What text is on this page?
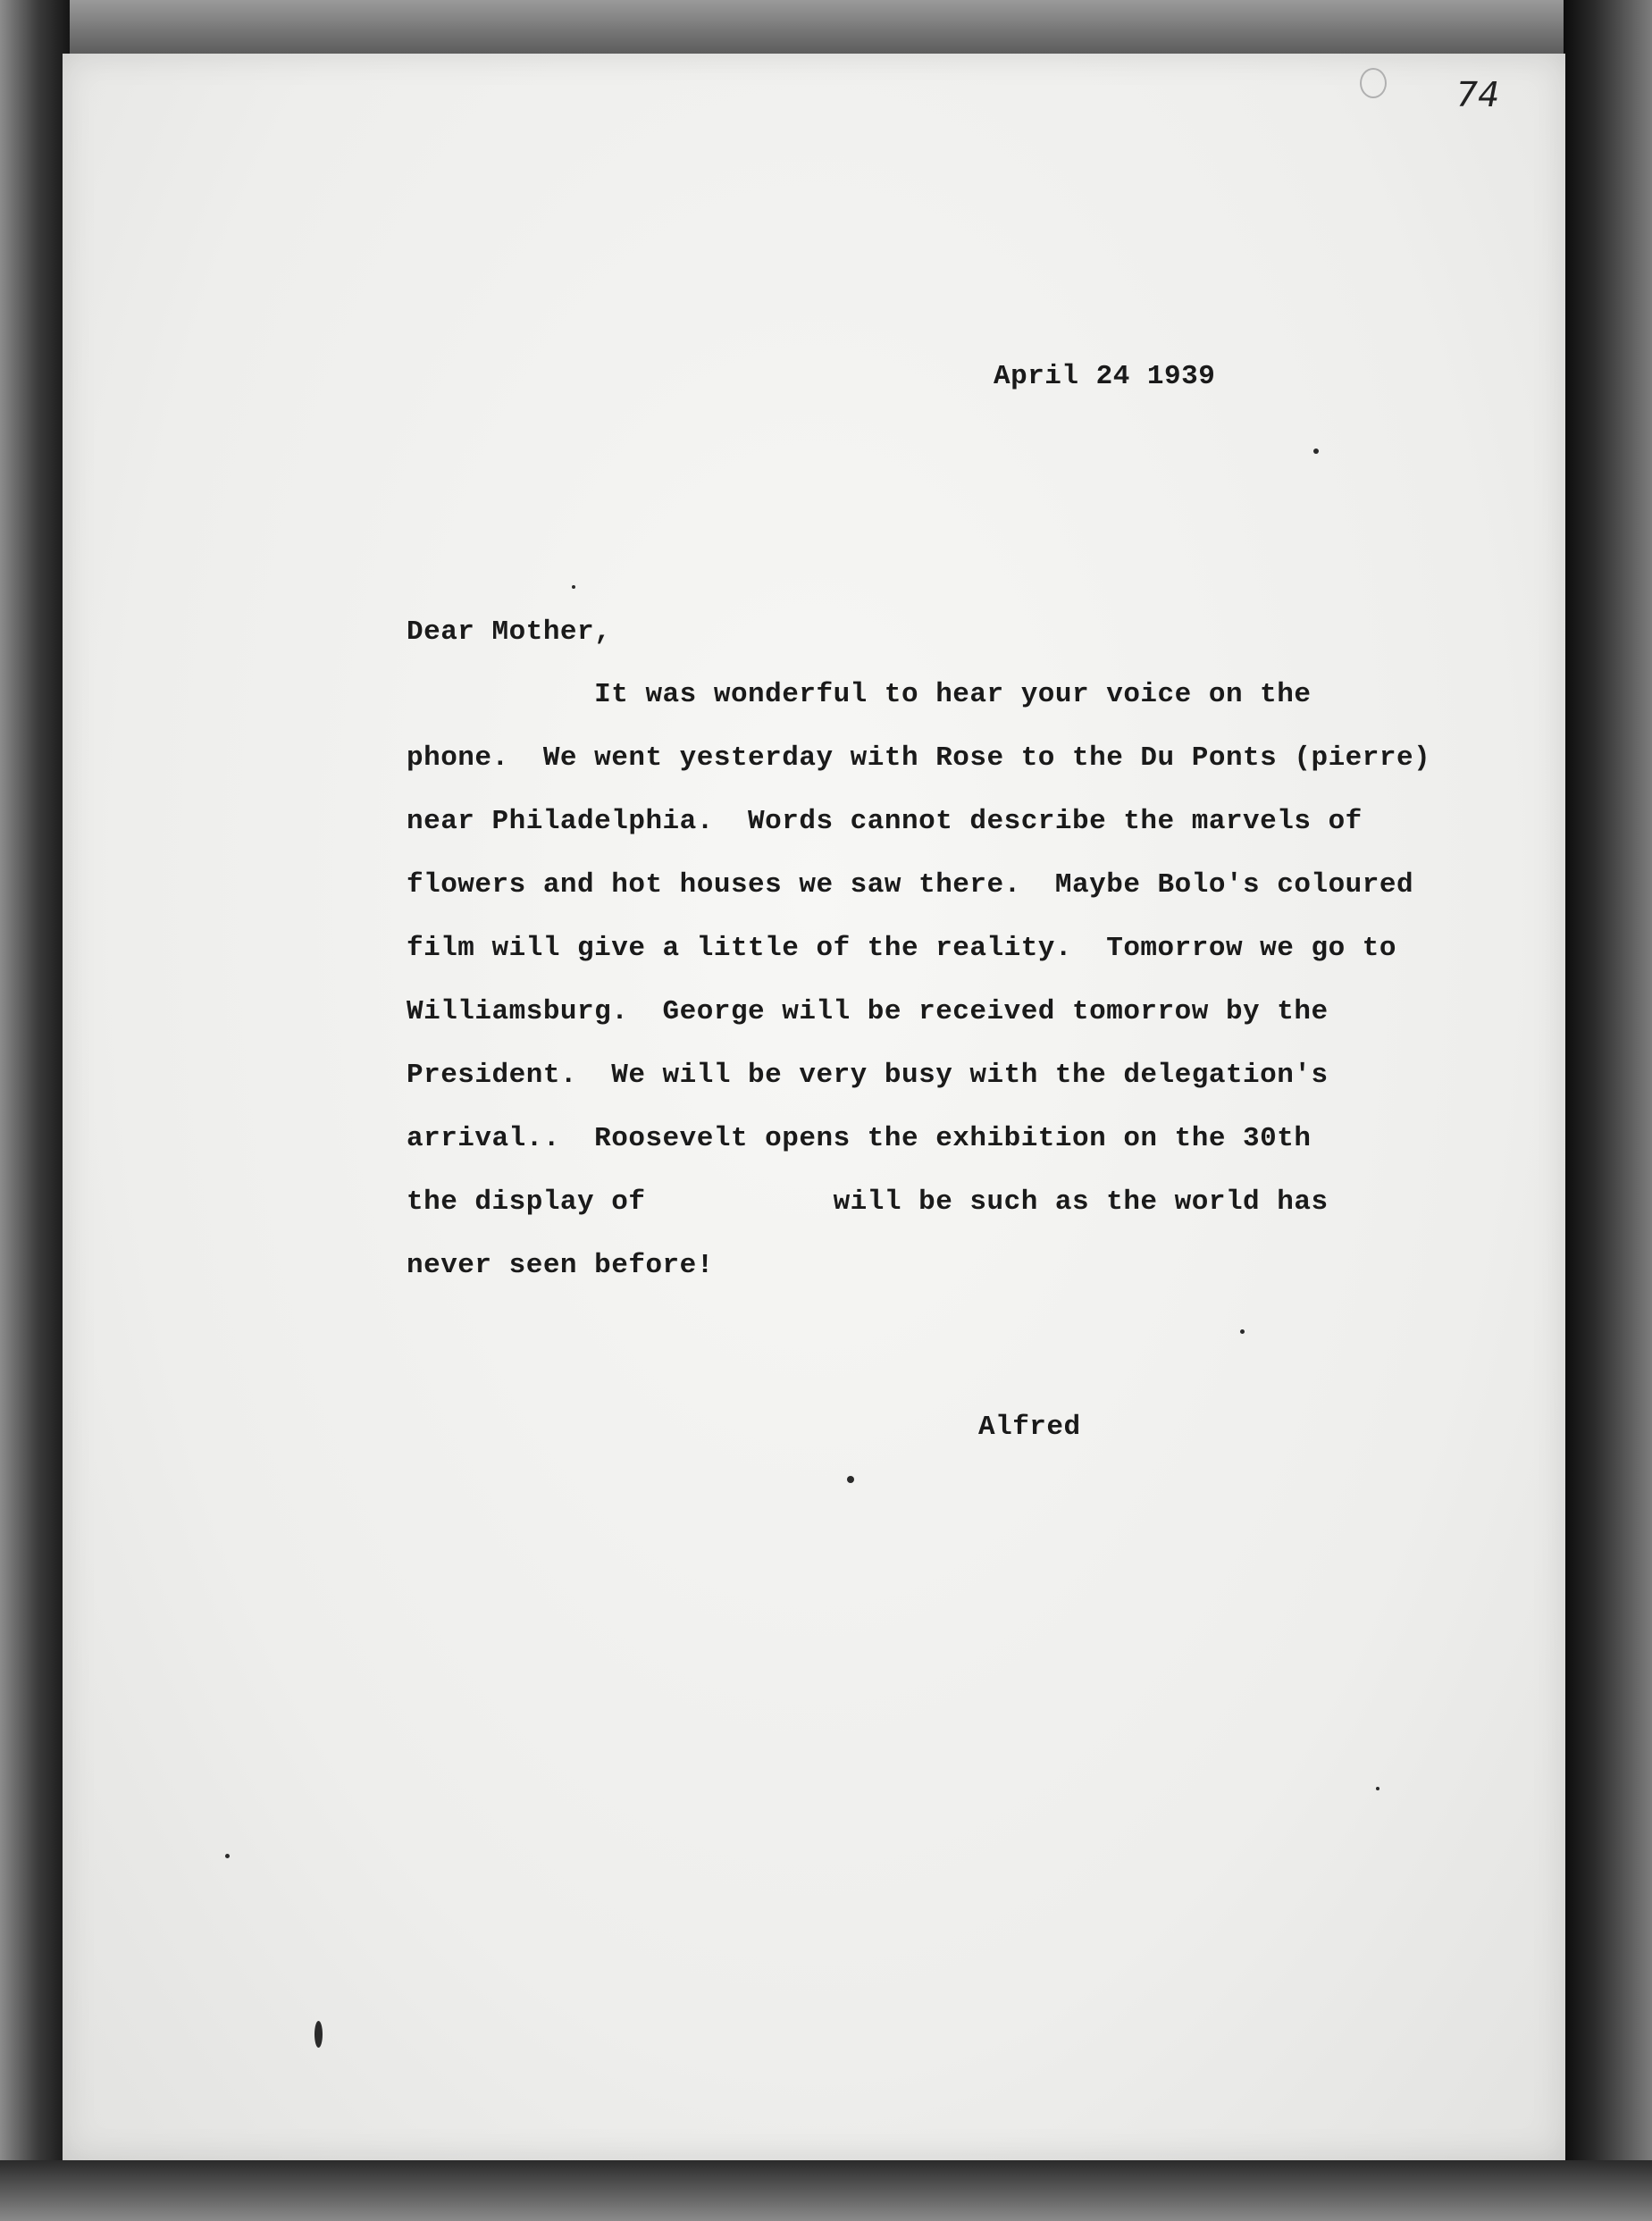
74
April 24 1939
Dear Mother,
It was wonderful to hear your voice on the
phone.  We went yesterday with Rose to the Du Ponts (pierre)
near Philadelphia.  Words cannot describe the marvels of
flowers and hot houses we saw there.  Maybe Bolo's coloured
film will give a little of the reality.  Tomorrow we go to
Williamsburg.  George will be received tomorrow by the
President.  We will be very busy with the delegation's
arrival..  Roosevelt opens the exhibition on the 30th
the display of           will be such as the world has
never seen before!
Alfred
